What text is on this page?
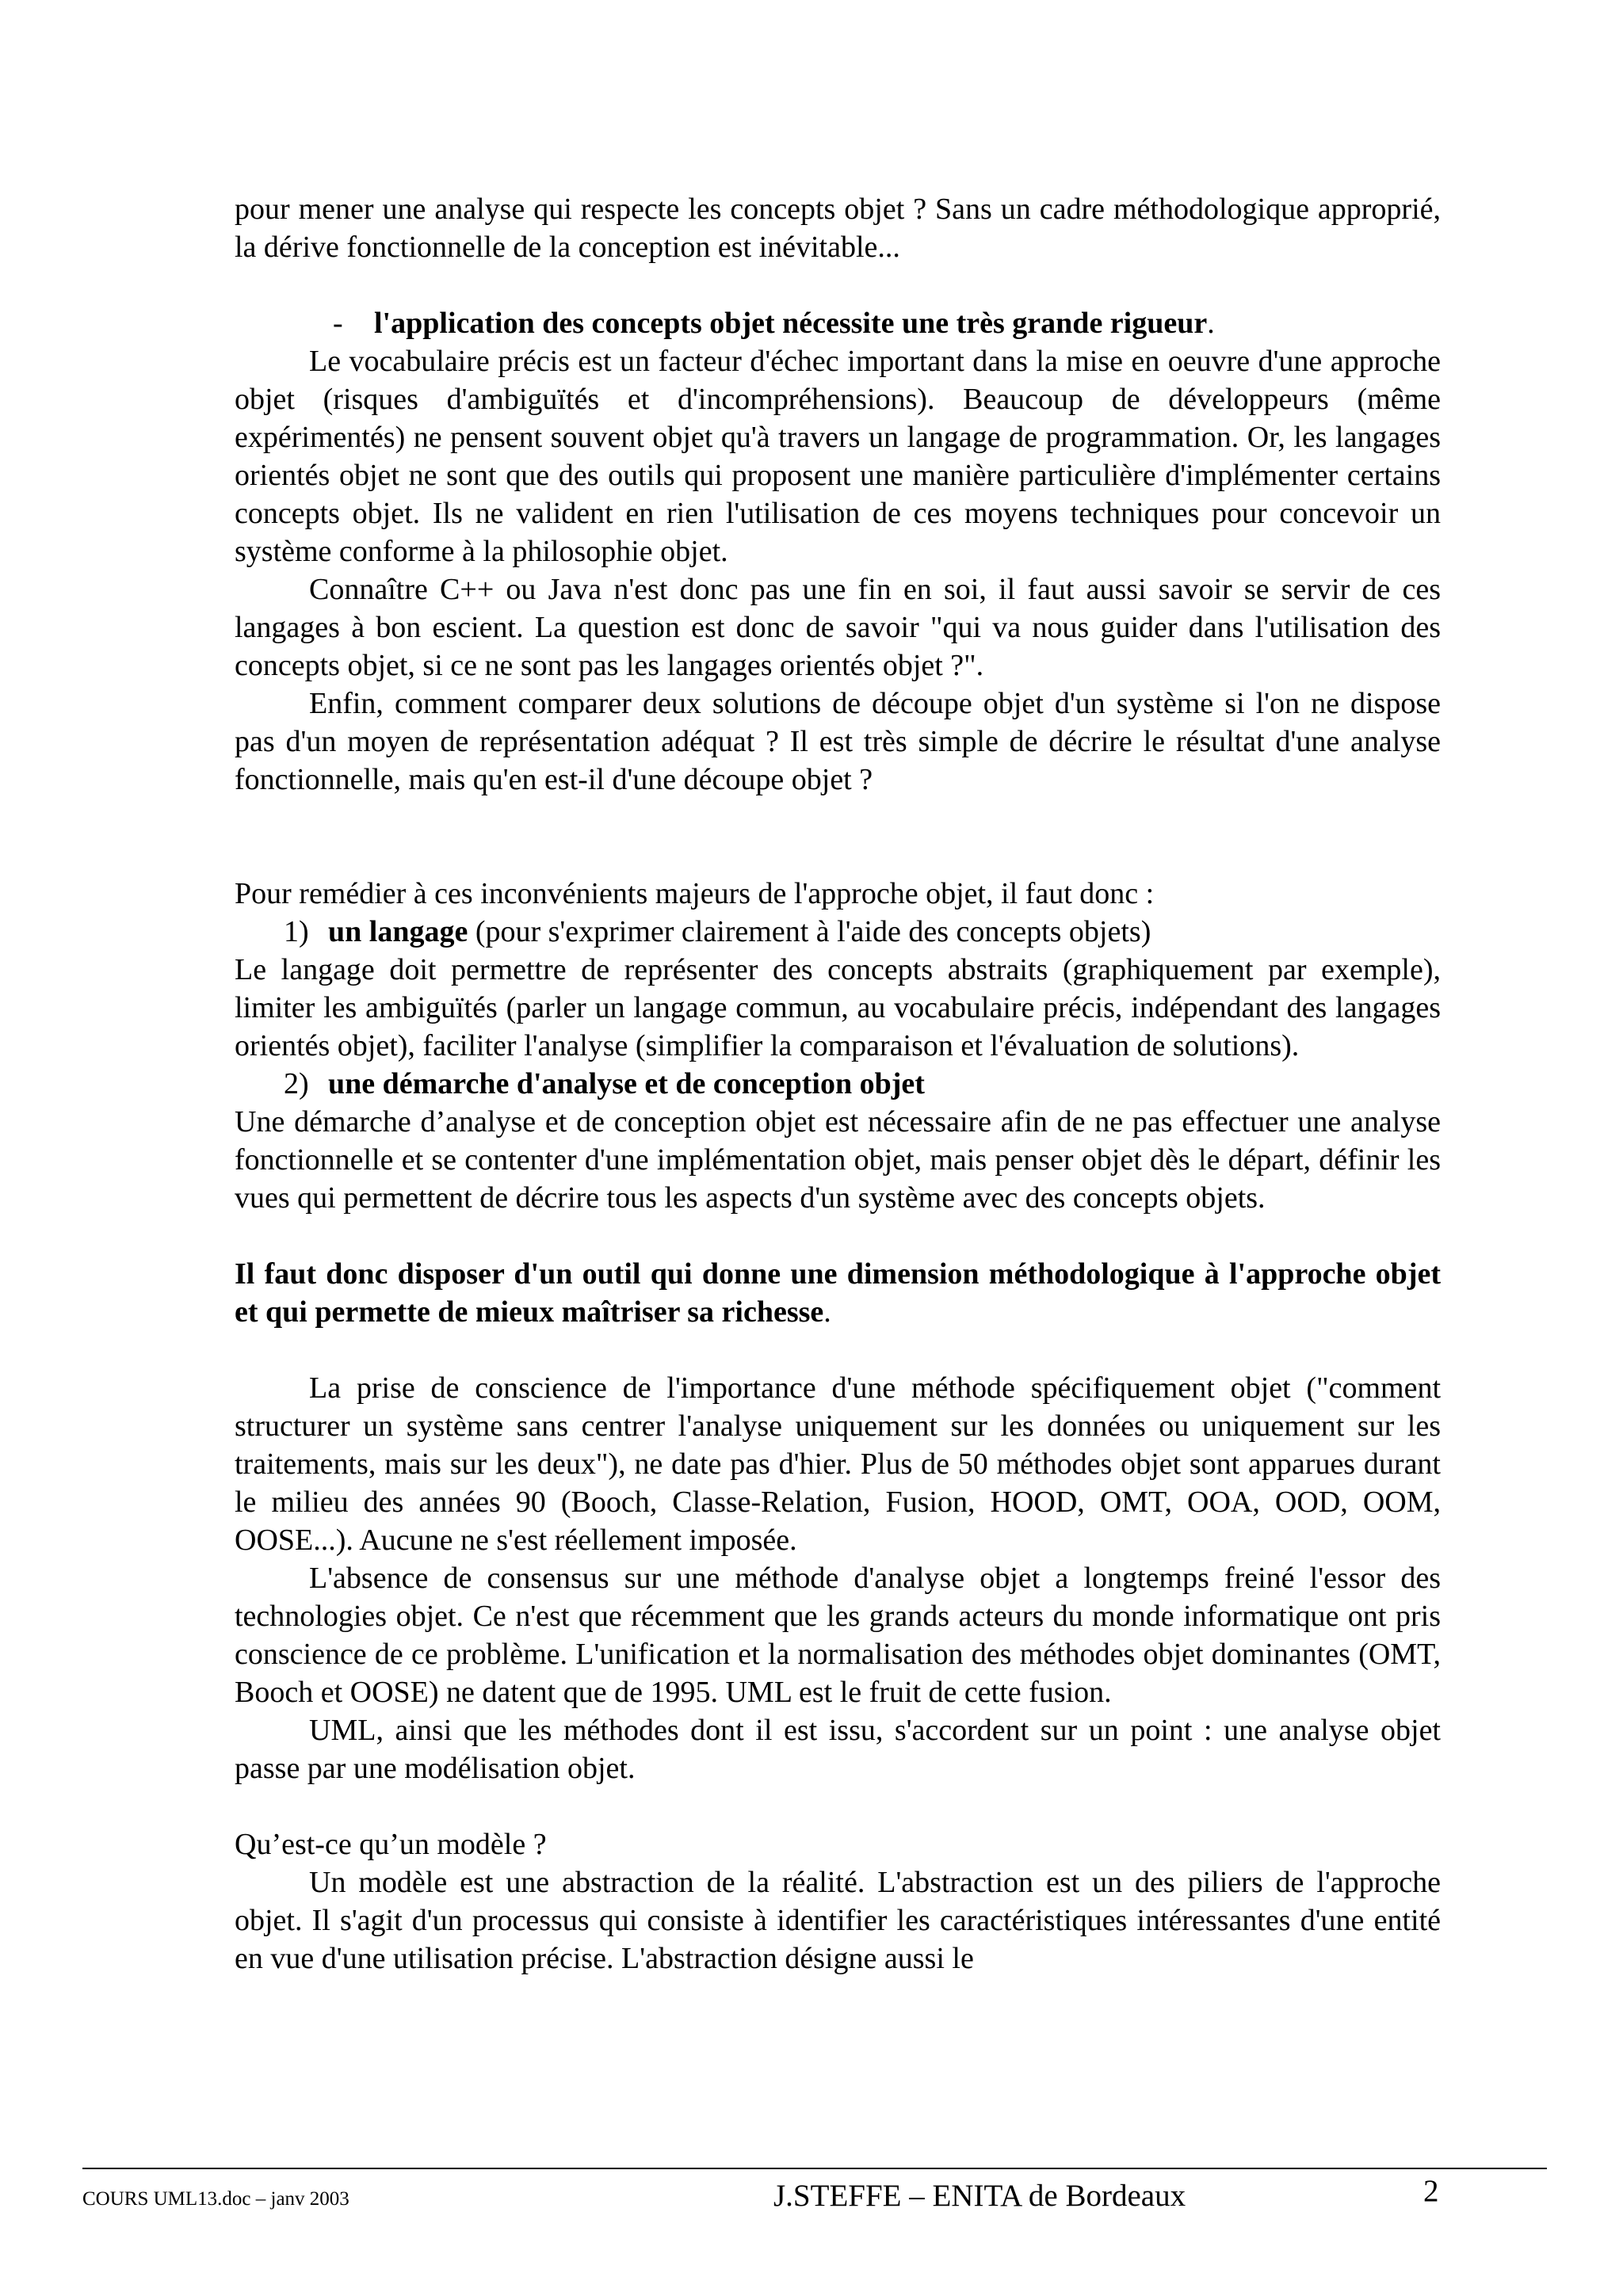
pour mener une analyse qui respecte les concepts objet ? Sans un cadre méthodologique approprié, la dérive fonctionnelle de la conception est inévitable...

-	l'application des concepts objet nécessite une très grande rigueur.

Le vocabulaire précis est un facteur d'échec important dans la mise en oeuvre d'une approche objet (risques d'ambiguïtés et d'incompréhensions). Beaucoup de développeurs (même expérimentés) ne pensent souvent objet qu'à travers un langage de programmation. Or, les langages orientés objet ne sont que des outils qui proposent une manière particulière d'implémenter certains concepts objet. Ils ne valident en rien l'utilisation de ces moyens techniques pour concevoir un système conforme à la philosophie objet.

Connaître C++ ou Java n'est donc pas une fin en soi, il faut aussi savoir se servir de ces langages à bon escient. La question est donc de savoir "qui va nous guider dans l'utilisation des concepts objet, si ce ne sont pas les langages orientés objet ?".

Enfin, comment comparer deux solutions de découpe objet d'un système si l'on ne dispose pas d'un moyen de représentation adéquat ? Il est très simple de décrire le résultat d'une analyse fonctionnelle, mais qu'en est-il d'une découpe objet ?

Pour remédier à ces inconvénients majeurs de l'approche objet, il faut donc :

1) un langage (pour s'exprimer clairement à l'aide des concepts objets)

Le langage doit permettre de représenter des concepts abstraits (graphiquement par exemple), limiter les ambiguïtés (parler un langage commun, au vocabulaire précis, indépendant des langages orientés objet), faciliter l'analyse (simplifier la comparaison et l'évaluation de solutions).

2) une démarche d'analyse et de conception objet

Une démarche d’analyse et de conception objet est nécessaire afin de ne pas effectuer une analyse fonctionnelle et se contenter d'une implémentation objet, mais penser objet dès le départ, définir les vues qui permettent de décrire tous les aspects d'un système avec des concepts objets.

Il faut donc disposer d'un outil qui donne une dimension méthodologique à l'approche objet et qui permette de mieux maîtriser sa richesse.

La prise de conscience de l'importance d'une méthode spécifiquement objet ("comment structurer un système sans centrer l'analyse uniquement sur les données ou uniquement sur les traitements, mais sur les deux"), ne date pas d'hier. Plus de 50 méthodes objet sont apparues durant le milieu des années 90 (Booch, Classe-Relation, Fusion, HOOD, OMT, OOA, OOD, OOM, OOSE...). Aucune ne s'est réellement imposée.

L'absence de consensus sur une méthode d'analyse objet a longtemps freiné l'essor des technologies objet. Ce n'est que récemment que les grands acteurs du monde informatique ont pris conscience de ce problème. L'unification et la normalisation des méthodes objet dominantes (OMT, Booch et OOSE) ne datent que de 1995. UML est le fruit de cette fusion.

UML, ainsi que les méthodes dont il est issu, s'accordent sur un point : une analyse objet passe par une modélisation objet.

Qu’est-ce qu’un modèle ?

Un modèle est une abstraction de la réalité. L'abstraction est un des piliers de l'approche objet. Il s'agit d'un processus qui consiste à identifier les caractéristiques intéressantes d'une entité en vue d'une utilisation précise. L'abstraction désigne aussi le

COURS UML13.doc – janv 2003	J.STEFFE – ENITA de Bordeaux	2
